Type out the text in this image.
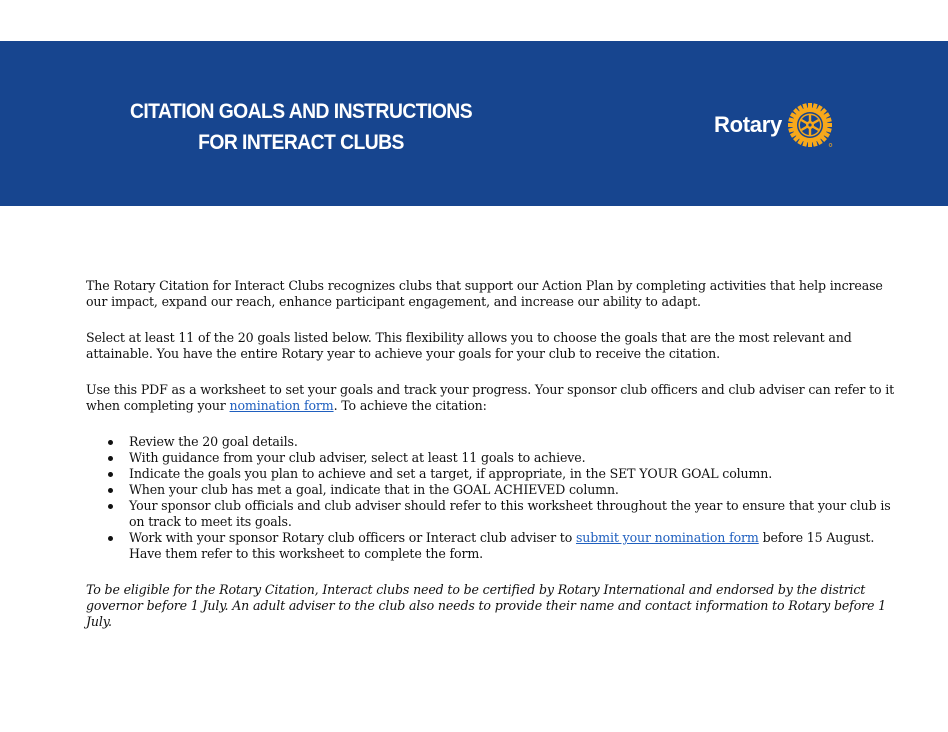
CITATION GOALS AND INSTRUCTIONS
FOR INTERACT CLUBS
Rotary

The Rotary Citation for Interact Clubs recognizes clubs that support our Action Plan by completing activities that help increase our impact, expand our reach, enhance participant engagement, and increase our ability to adapt.

Select at least 11 of the 20 goals listed below. This flexibility allows you to choose the goals that are the most relevant and attainable. You have the entire Rotary year to achieve your goals for your club to receive the citation.

Use this PDF as a worksheet to set your goals and track your progress. Your sponsor club officers and club adviser can refer to it when completing your nomination form. To achieve the citation:

Review the 20 goal details.
With guidance from your club adviser, select at least 11 goals to achieve.
Indicate the goals you plan to achieve and set a target, if appropriate, in the SET YOUR GOAL column.
When your club has met a goal, indicate that in the GOAL ACHIEVED column.
Your sponsor club officials and club adviser should refer to this worksheet throughout the year to ensure that your club is on track to meet its goals.
Work with your sponsor Rotary club officers or Interact club adviser to submit your nomination form before 15 August. Have them refer to this worksheet to complete the form.

To be eligible for the Rotary Citation, Interact clubs need to be certified by Rotary International and endorsed by the district governor before 1 July. An adult adviser to the club also needs to provide their name and contact information to Rotary before 1 July.
